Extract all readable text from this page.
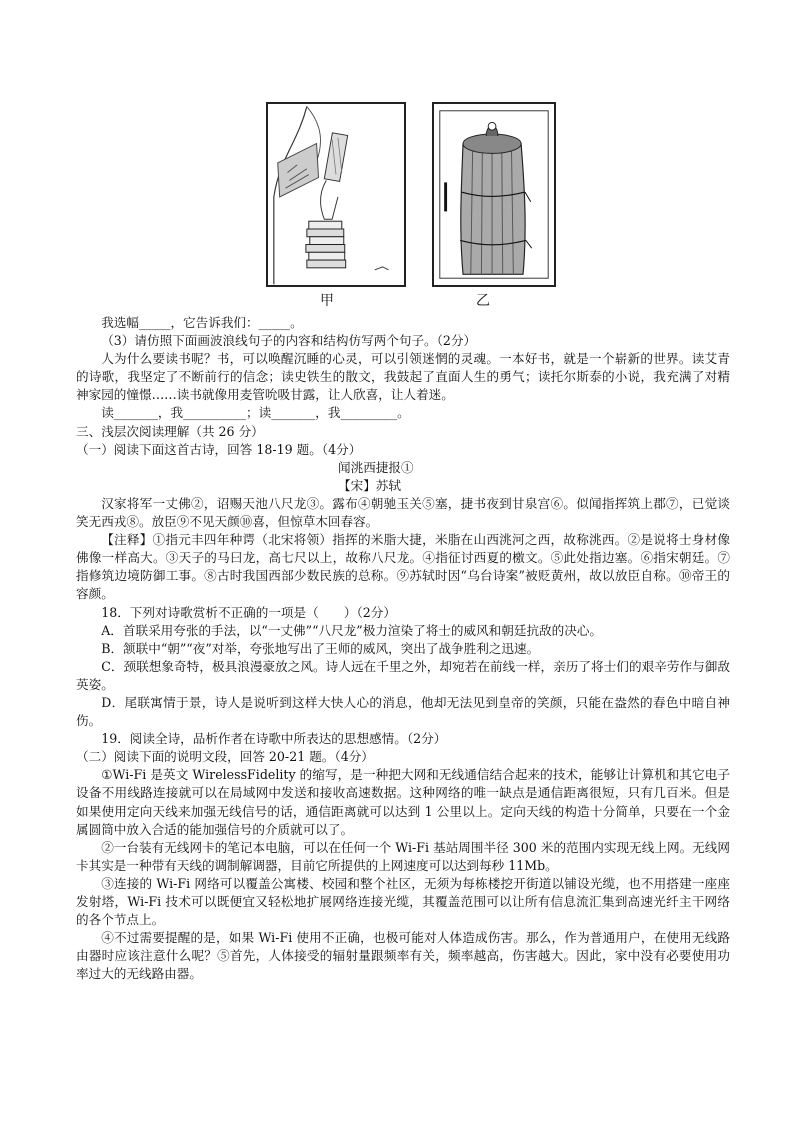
甲	乙

我选幅_____，它告诉我们：_____。

（3）请仿照下面画波浪线句子的内容和结构仿写两个句子。（2分）

人为什么要读书呢？书，可以唤醒沉睡的心灵，可以引领迷惘的灵魂。一本好书，就是一个崭新的世界。读艾青的诗歌，我坚定了不断前行的信念；读史铁生的散文，我鼓起了直面人生的勇气；读托尔斯泰的小说，我充满了对精神家园的憧憬……读书就像用麦管吮吸甘露，让人欣喜，让人着迷。

读_______，我__________；读_______，我_________。

三、浅层次阅读理解（共 26 分）

（一）阅读下面这首古诗，回答 18-19 题。（4分）

闻洮西捷报①

【宋】苏轼

汉家将军一丈佛②，诏赐天池八尺龙③。露布④朝驰玉关⑤塞，捷书夜到甘泉宫⑥。似闻指挥筑上郡⑦，已觉谈笑无西戎⑧。放臣⑨不见天颜⑩喜，但惊草木回春容。

【注释】①指元丰四年种谔（北宋将领）指挥的米脂大捷，米脂在山西洮河之西，故称洮西。②是说将士身材像佛像一样高大。③天子的马曰龙，高七尺以上，故称八尺龙。④指征讨西夏的檄文。⑤此处指边塞。⑥指宋朝廷。⑦指修筑边境防御工事。⑧古时我国西部少数民族的总称。⑨苏轼时因“乌台诗案”被贬黄州，故以放臣自称。⑩帝王的容颜。

18．下列对诗歌赏析不正确的一项是（　　）（2分）

A．首联采用夸张的手法，以“一丈佛”“八尺龙”极力渲染了将士的威风和朝廷抗敌的决心。

B．颔联中“朝”“夜”对举，夸张地写出了王师的威风，突出了战争胜利之迅速。

C．颈联想象奇特，极具浪漫豪放之风。诗人远在千里之外，却宛若在前线一样，亲历了将士们的艰辛劳作与御敌英姿。

D．尾联寓情于景，诗人是说听到这样大快人心的消息，他却无法见到皇帝的笑颜，只能在盎然的春色中暗自神伤。

19．阅读全诗，品析作者在诗歌中所表达的思想感情。（2分）

（二）阅读下面的说明文段，回答 20-21 题。（4分）

①Wi-Fi 是英文 WirelessFidelity 的缩写，是一种把大网和无线通信结合起来的技术，能够让计算机和其它电子设备不用线路连接就可以在局域网中发送和接收高速数据。这种网络的唯一缺点是通信距离很短，只有几百米。但是如果使用定向天线来加强无线信号的话，通信距离就可以达到 1 公里以上。定向天线的构造十分简单，只要在一个金属圆筒中放入合适的能加强信号的介质就可以了。

②一台装有无线网卡的笔记本电脑，可以在任何一个 Wi-Fi 基站周围半径 300 米的范围内实现无线上网。无线网卡其实是一种带有天线的调制解调器，目前它所提供的上网速度可以达到每秒 11Mb。

③连接的 Wi-Fi 网络可以覆盖公寓楼、校园和整个社区，无须为每栋楼挖开街道以铺设光缆，也不用搭建一座座发射塔，Wi-Fi 技术可以既便宜又轻松地扩展网络连接光缆，其覆盖范围可以让所有信息流汇集到高速光纤主干网络的各个节点上。

④不过需要提醒的是，如果 Wi-Fi 使用不正确，也极可能对人体造成伤害。那么，作为普通用户，在使用无线路由器时应该注意什么呢？⑤首先，人体接受的辐射量跟频率有关，频率越高，伤害越大。因此，家中没有必要使用功率过大的无线路由器。
